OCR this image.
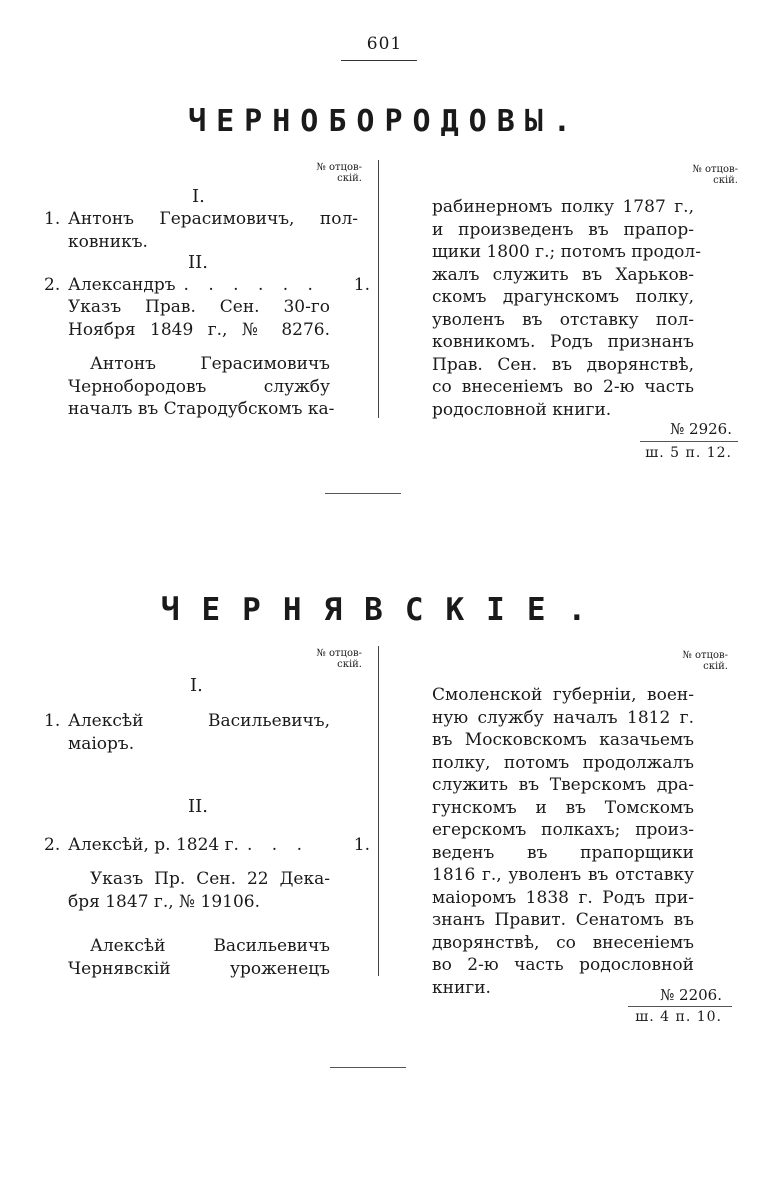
601
ЧЕРНОБОРОДОВЫ.
№ отцов-
скій.
№ отцов-
скій.
I.
1. Антонъ Герасимовичъ, пол-
ковникъ.
II.
2. Александръ . . . . . .	1.
Указъ Прав. Сен. 30-го
Ноября 1849 г., № 8276.
Антонъ Герасимовичъ
Чернобородовъ службу
началъ въ Стародубскомъ ка-
рабинерномъ полку 1787 г.,
и произведенъ въ прапор-
щики 1800 г.; потомъ продол-
жалъ служить въ Харьков-
скомъ драгунскомъ полку,
уволенъ въ отставку пол-
ковникомъ. Родъ признанъ
Прав. Сен. въ дворянствѣ,
со внесеніемъ во 2-ю часть
родословной книги.
№ 2926.
ш. 5 п. 12.
ЧЕРНЯВСКІЕ.
№ отцов-
скій.
№ отцов-
скій.
I.
1. Алексѣй Васильевичъ,
маіоръ.
II.
2. Алексѣй, р. 1824 г. . . .	1.
Указъ Пр. Сен. 22 Дека-
бря 1847 г., № 19106.
Алексѣй Васильевичъ
Чернявскій уроженецъ
Смоленской губерніи, воен-
ную службу началъ 1812 г.
въ Московскомъ казачьемъ
полку, потомъ продолжалъ
служить въ Тверскомъ дра-
гунскомъ и въ Томскомъ
егерскомъ полкахъ; произ-
веденъ въ прапорщики
1816 г., уволенъ въ отставку
маіоромъ 1838 г. Родъ при-
знанъ Правит. Сенатомъ въ
дворянствѣ, со внесеніемъ
во 2-ю часть родословной
книги.	№ 2206.
ш. 4 п. 10.
